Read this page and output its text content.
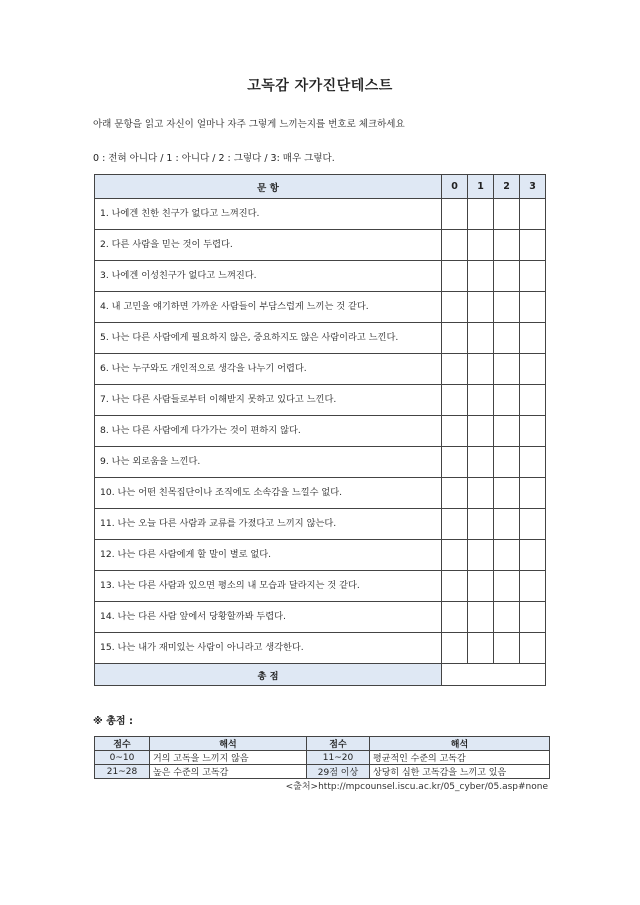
고독감 자가진단테스트
아래 문항을 읽고 자신이 얼마나 자주 그렇게 느끼는지를 번호로 체크하세요
0 : 전혀 아니다 / 1 : 아니다 / 2 : 그렇다 / 3: 매우 그렇다.
문 항	0	1	2	3
1. 나에겐 친한 친구가 없다고 느껴진다.				
2. 다른 사람을 믿는 것이 두렵다.				
3. 나에겐 이성친구가 없다고 느껴진다.				
4. 내 고민을 얘기하면 가까운 사람들이 부담스럽게 느끼는 것 같다.				
5. 나는 다른 사람에게 필요하지 않은, 중요하지도 않은 사람이라고 느낀다.				
6. 나는 누구와도 개인적으로 생각을 나누기 어렵다.				
7. 나는 다른 사람들로부터 이해받지 못하고 있다고 느낀다.				
8. 나는 다른 사람에게 다가가는 것이 편하지 않다.				
9. 나는 외로움을 느낀다.				
10. 나는 어떤 친목집단이나 조직에도 소속감을 느낄수 없다.				
11. 나는 오늘 다른 사람과 교류를 가졌다고 느끼지 않는다.				
12. 나는 다른 사람에게 할 말이 별로 없다.				
13. 나는 다른 사람과 있으면 평소의 내 모습과 달라지는 것 같다.				
14. 나는 다른 사람 앞에서 당황할까봐 두렵다.				
15. 나는 내가 재미있는 사람이 아니라고 생각한다.				
총 점				
※ 총점 :
점수	해석	점수	해석
0~10	거의 고독을 느끼지 않음	11~20	평균적인 수준의 고독감
21~28	높은 수준의 고독감	29점 이상	상당히 심한 고독감을 느끼고 있음
<출처>http://mpcounsel.iscu.ac.kr/05_cyber/05.asp#none
